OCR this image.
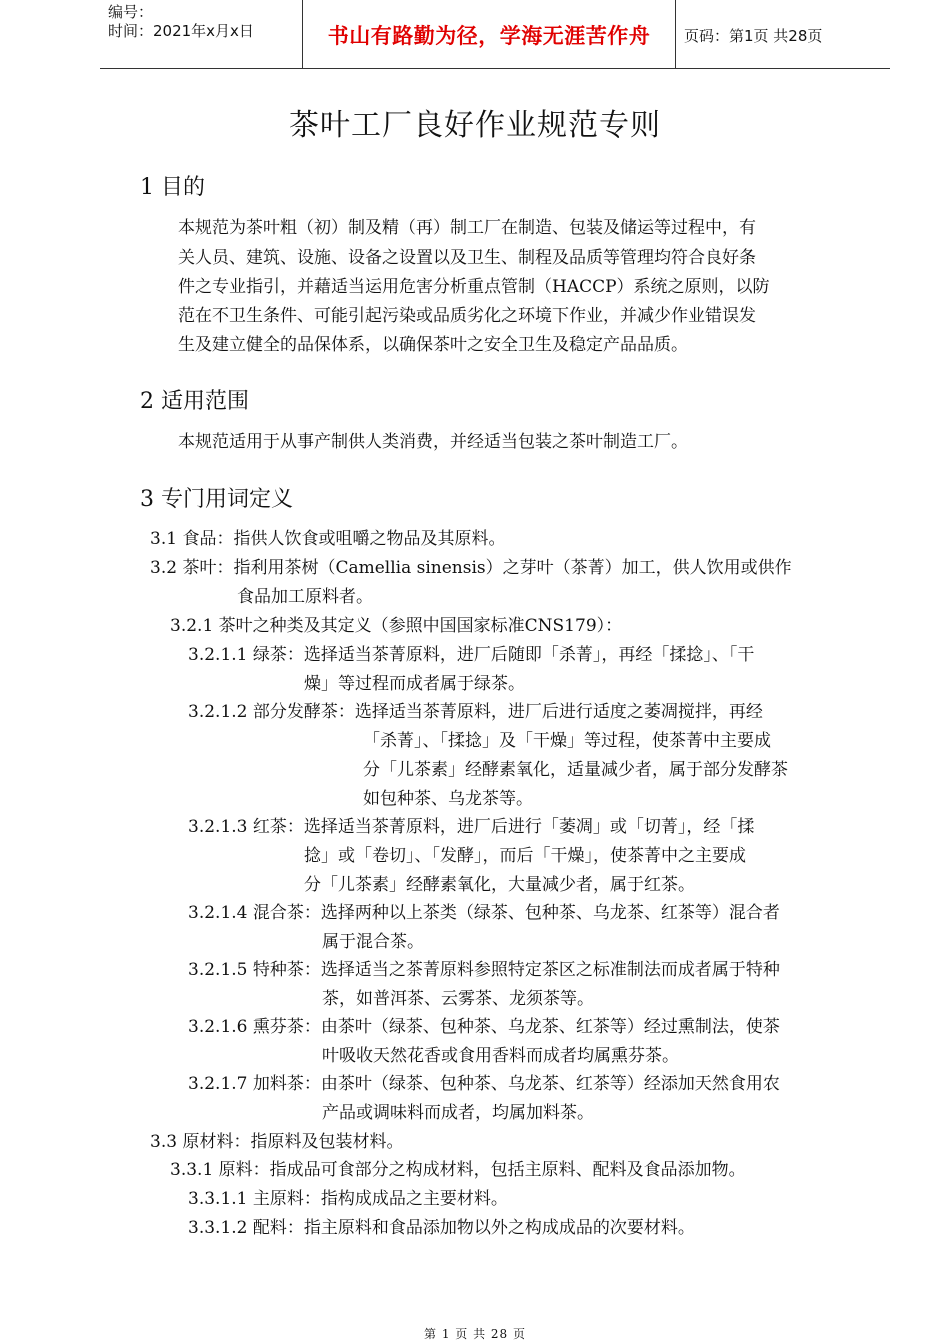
编号：
时间：2021年x月x日	书山有路勤为径，学海无涯苦作舟	页码：第1页 共28页
茶叶工厂良好作业规范专则
1 目的
本规范为茶叶粗（初）制及精（再）制工厂在制造、包装及储运等过程中，有
关人员、建筑、设施、设备之设置以及卫生、制程及品质等管理均符合良好条
件之专业指引，并藉适当运用危害分析重点管制（HACCP）系统之原则，以防
范在不卫生条件、可能引起污染或品质劣化之环境下作业，并减少作业错误发
生及建立健全的品保体系，以确保茶叶之安全卫生及稳定产品品质。
2 适用范围
本规范适用于从事产制供人类消费，并经适当包装之茶叶制造工厂。
3 专门用词定义
3.1 食品：指供人饮食或咀嚼之物品及其原料。
3.2 茶叶：指利用茶树（Camellia sinensis）之芽叶（茶菁）加工，供人饮用或供作
食品加工原料者。
3.2.1 茶叶之种类及其定义（参照中国国家标准CNS179）：
3.2.1.1 绿茶：选择适当茶菁原料，进厂后随即「杀菁」，再经「揉捻」、「干
燥」等过程而成者属于绿茶。
3.2.1.2 部分发酵茶：选择适当茶菁原料，进厂后进行适度之萎凋搅拌，再经
「杀菁」、「揉捻」及「干燥」等过程，使茶菁中主要成
分「儿茶素」经酵素氧化，适量减少者，属于部分发酵茶
如包种茶、乌龙茶等。
3.2.1.3 红茶：选择适当茶菁原料，进厂后进行「萎凋」或「切菁」，经「揉
捻」或「卷切」、「发酵」，而后「干燥」，使茶菁中之主要成
分「儿茶素」经酵素氧化，大量减少者，属于红茶。
3.2.1.4 混合茶：选择两种以上茶类（绿茶、包种茶、乌龙茶、红茶等）混合者
属于混合茶。
3.2.1.5 特种茶：选择适当之茶菁原料参照特定茶区之标准制法而成者属于特种
茶，如普洱茶、云雾茶、龙须茶等。
3.2.1.6 熏芬茶：由茶叶（绿茶、包种茶、乌龙茶、红茶等）经过熏制法，使茶
叶吸收天然花香或食用香料而成者均属熏芬茶。
3.2.1.7 加料茶：由茶叶（绿茶、包种茶、乌龙茶、红茶等）经添加天然食用农
产品或调味料而成者，均属加料茶。
3.3 原材料：指原料及包装材料。
3.3.1 原料：指成品可食部分之构成材料，包括主原料、配料及食品添加物。
3.3.1.1 主原料：指构成成品之主要材料。
3.3.1.2 配料：指主原料和食品添加物以外之构成成品的次要材料。
第 1 页 共 28 页
